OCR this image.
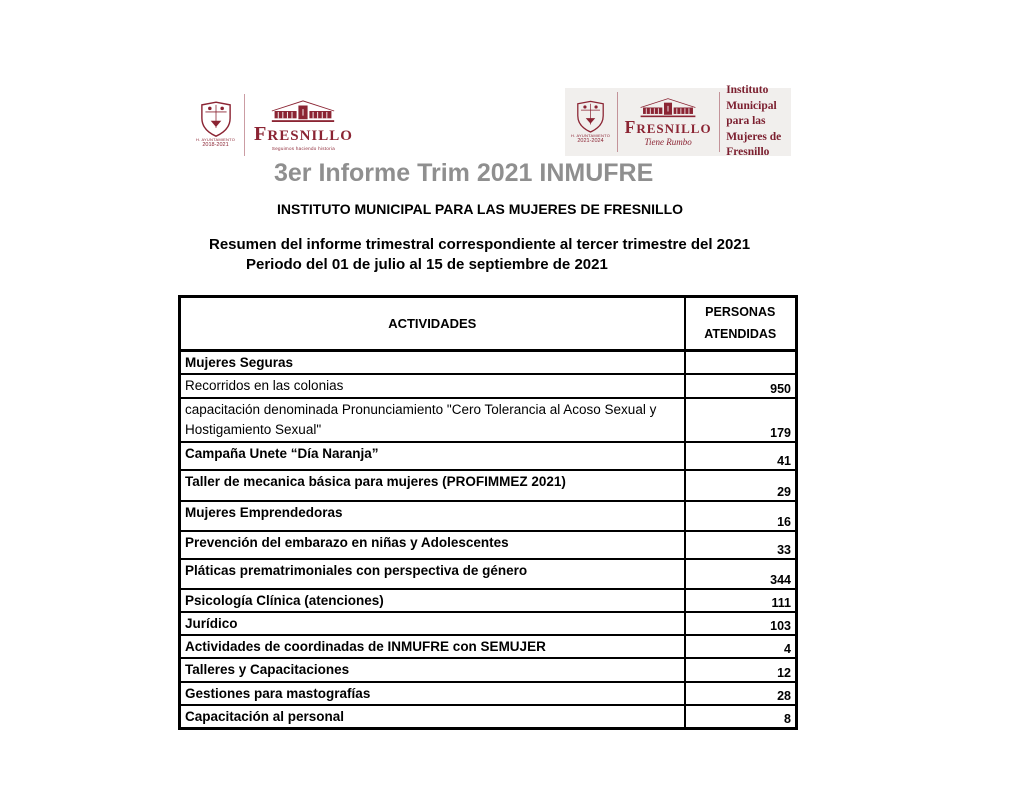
H. AYUNTAMIENTO
2018-2021 FRESNILLO
Seguimos haciendo historia
H. AYUNTAMIENTO
2021-2024
FRESNILLO
Tiene Rumbo
Instituto Municipal para las Mujeres de Fresnillo
3er Informe Trim 2021 INMUFRE
INSTITUTO MUNICIPAL PARA LAS MUJERES DE FRESNILLO
Resumen del informe trimestral correspondiente al tercer trimestre del 2021
Periodo del 01 de julio al 15 de septiembre de 2021
ACTIVIDADES	PERSONAS ATENDIDAS
Mujeres Seguras	
Recorridos en las colonias	950
capacitación denominada Pronunciamiento "Cero Tolerancia al Acoso Sexual y Hostigamiento Sexual"	179
Campaña Unete “Día Naranja”	41
Taller de mecanica básica para mujeres (PROFIMMEZ 2021)	29
Mujeres Emprendedoras	16
Prevención del embarazo en niñas y Adolescentes	33
Pláticas prematrimoniales con perspectiva de género	344
Psicología Clínica (atenciones)	111
Jurídico	103
Actividades de coordinadas de INMUFRE con SEMUJER	4
Talleres y Capacitaciones	12
Gestiones para mastografías	28
Capacitación al personal	8
